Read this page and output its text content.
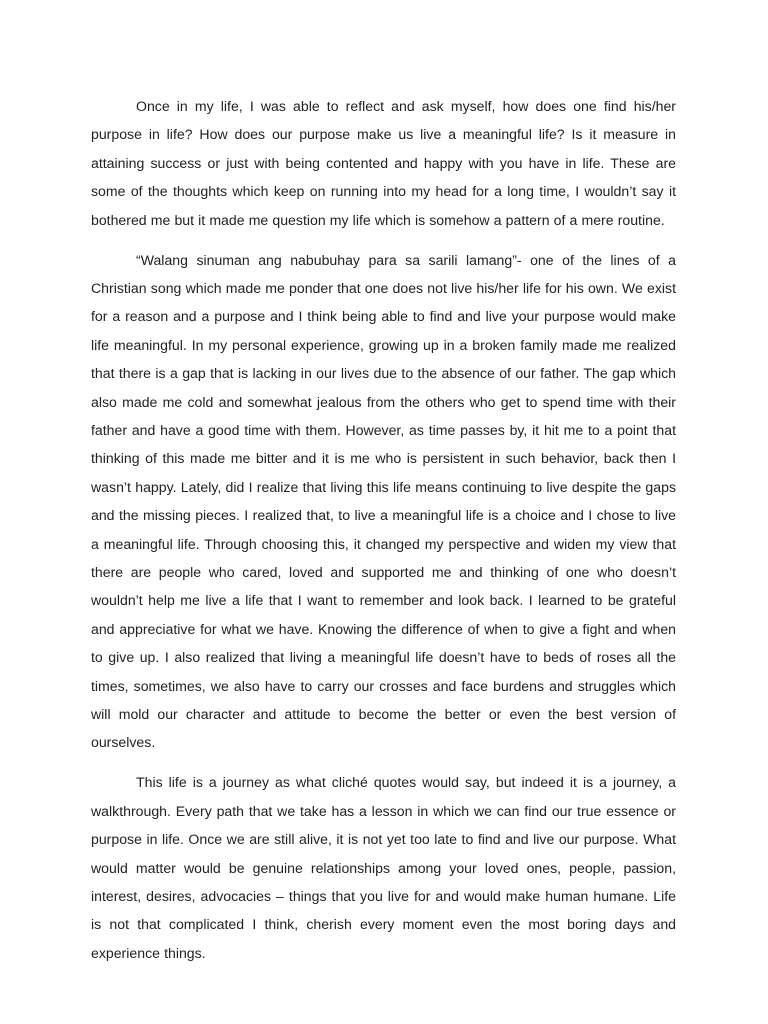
Once in my life, I was able to reflect and ask myself, how does one find his/her purpose in life? How does our purpose make us live a meaningful life? Is it measure in attaining success or just with being contented and happy with you have in life. These are some of the thoughts which keep on running into my head for a long time, I wouldn’t say it bothered me but it made me question my life which is somehow a pattern of a mere routine.

“Walang sinuman ang nabubuhay para sa sarili lamang”- one of the lines of a Christian song which made me ponder that one does not live his/her life for his own. We exist for a reason and a purpose and I think being able to find and live your purpose would make life meaningful. In my personal experience, growing up in a broken family made me realized that there is a gap that is lacking in our lives due to the absence of our father. The gap which also made me cold and somewhat jealous from the others who get to spend time with their father and have a good time with them. However, as time passes by, it hit me to a point that thinking of this made me bitter and it is me who is persistent in such behavior, back then I wasn’t happy. Lately, did I realize that living this life means continuing to live despite the gaps and the missing pieces. I realized that, to live a meaningful life is a choice and I chose to live a meaningful life. Through choosing this, it changed my perspective and widen my view that there are people who cared, loved and supported me and thinking of one who doesn’t wouldn’t help me live a life that I want to remember and look back. I learned to be grateful and appreciative for what we have. Knowing the difference of when to give a fight and when to give up. I also realized that living a meaningful life doesn’t have to beds of roses all the times, sometimes, we also have to carry our crosses and face burdens and struggles which will mold our character and attitude to become the better or even the best version of ourselves.

This life is a journey as what cliché quotes would say, but indeed it is a journey, a walkthrough. Every path that we take has a lesson in which we can find our true essence or purpose in life. Once we are still alive, it is not yet too late to find and live our purpose. What would matter would be genuine relationships among your loved ones, people, passion, interest, desires, advocacies – things that you live for and would make human humane. Life is not that complicated I think, cherish every moment even the most boring days and experience things.
